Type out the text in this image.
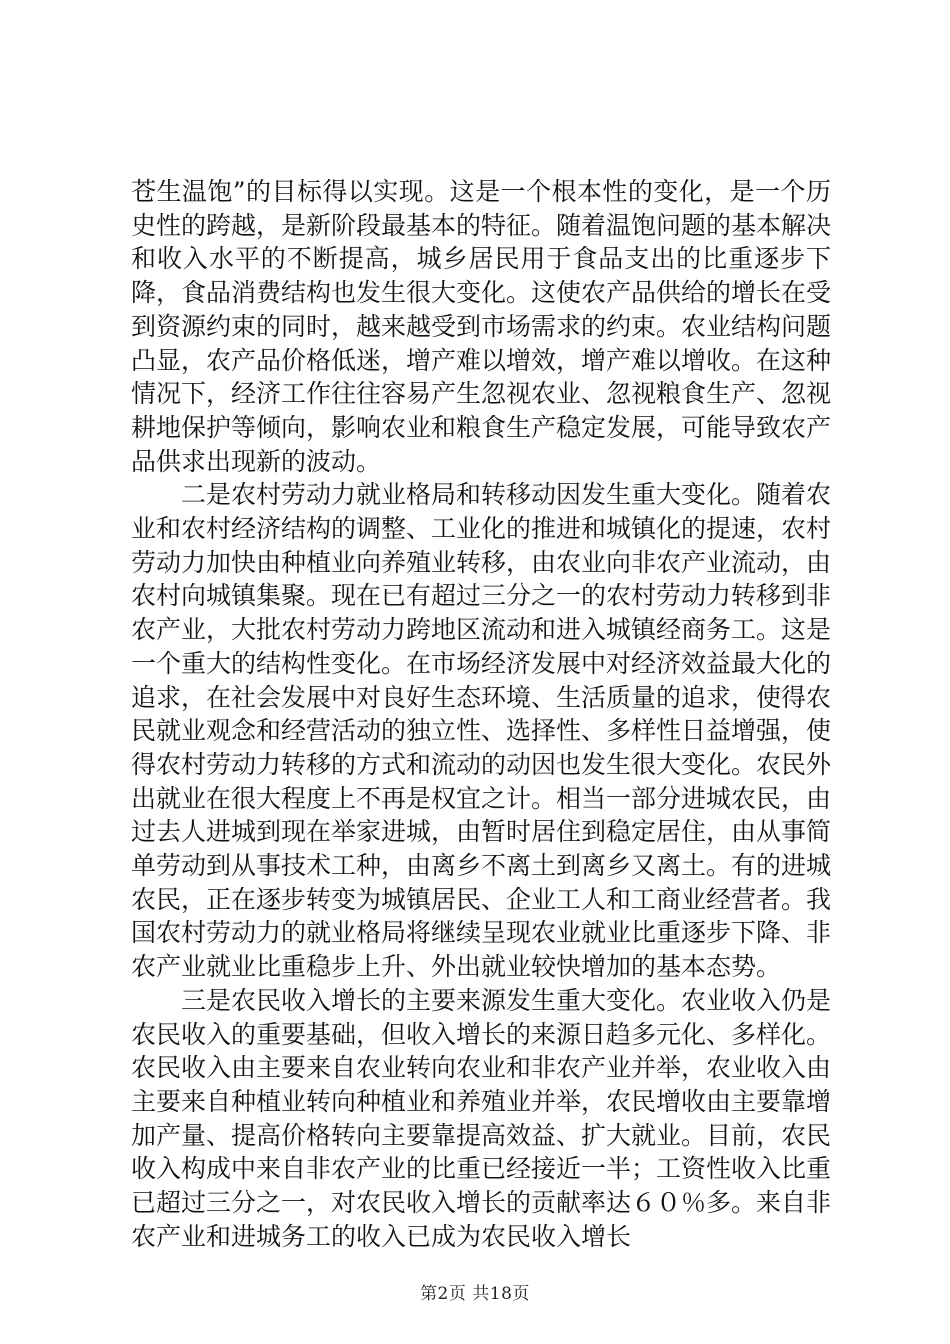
苍生温饱”的目标得以实现。这是一个根本性的变化，是一个历史性的跨越，是新阶段最基本的特征。随着温饱问题的基本解决和收入水平的不断提高，城乡居民用于食品支出的比重逐步下降，食品消费结构也发生很大变化。这使农产品供给的增长在受到资源约束的同时，越来越受到市场需求的约束。农业结构问题凸显，农产品价格低迷，增产难以增效，增产难以增收。在这种情况下，经济工作往往容易产生忽视农业、忽视粮食生产、忽视耕地保护等倾向，影响农业和粮食生产稳定发展，可能导致农产品供求出现新的波动。

二是农村劳动力就业格局和转移动因发生重大变化。随着农业和农村经济结构的调整、工业化的推进和城镇化的提速，农村劳动力加快由种植业向养殖业转移，由农业向非农产业流动，由农村向城镇集聚。现在已有超过三分之一的农村劳动力转移到非农产业，大批农村劳动力跨地区流动和进入城镇经商务工。这是一个重大的结构性变化。在市场经济发展中对经济效益最大化的追求，在社会发展中对良好生态环境、生活质量的追求，使得农民就业观念和经营活动的独立性、选择性、多样性日益增强，使得农村劳动力转移的方式和流动的动因也发生很大变化。农民外出就业在很大程度上不再是权宜之计。相当一部分进城农民，由过去人进城到现在举家进城，由暂时居住到稳定居住，由从事简单劳动到从事技术工种，由离乡不离土到离乡又离土。有的进城农民，正在逐步转变为城镇居民、企业工人和工商业经营者。我国农村劳动力的就业格局将继续呈现农业就业比重逐步下降、非农产业就业比重稳步上升、外出就业较快增加的基本态势。

三是农民收入增长的主要来源发生重大变化。农业收入仍是农民收入的重要基础，但收入增长的来源日趋多元化、多样化。农民收入由主要来自农业转向农业和非农产业并举，农业收入由主要来自种植业转向种植业和养殖业并举，农民增收由主要靠增加产量、提高价格转向主要靠提高效益、扩大就业。目前，农民收入构成中来自非农产业的比重已经接近一半；工资性收入比重已超过三分之一，对农民收入增长的贡献率达６０％多。来自非农产业和进城务工的收入已成为农民收入增长

第2页 共18页
